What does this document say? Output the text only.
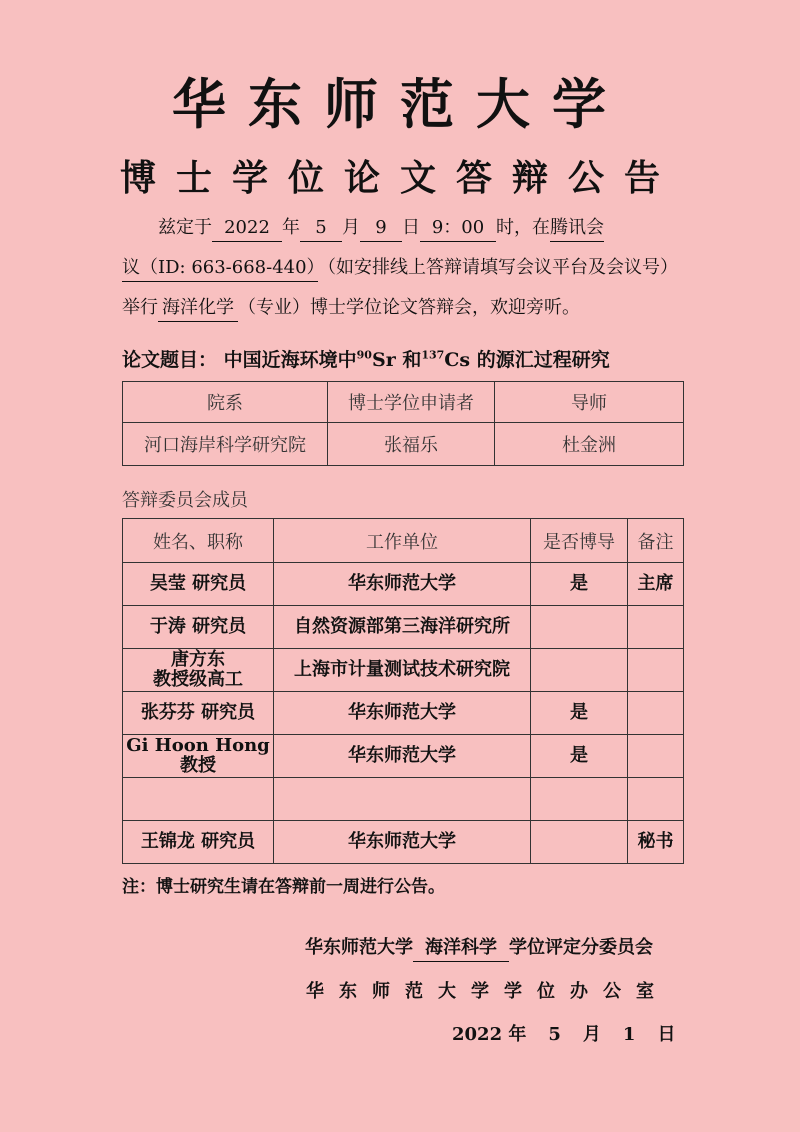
华东师范大学
博士学位论文答辩公告
兹定于 2022 年 5 月 9 日 9：00 时，在腾讯会
议（ID: 663-668-440）（如安排线上答辩请填写会议平台及会议号）举行 海洋化学 （专业）博士学位论文答辩会，欢迎旁听。
论文题目： 中国近海环境中$^{90}$Sr 和$^{137}$Cs 的源汇过程研究
院系	博士学位申请者	导师
河口海岸科学研究院	张福乐	杜金洲
答辩委员会成员
姓名、职称	工作单位	是否博导	备注
吴莹 研究员	华东师范大学	是	主席
于涛 研究员	自然资源部第三海洋研究所		
唐方东
教授级高工	上海市计量测试技术研究院		
张芬芬 研究员	华东师范大学	是	
Gi Hoon Hong
教授	华东师范大学	是	

王锦龙 研究员	华东师范大学		秘书
注：博士研究生请在答辩前一周进行公告。
华东师范大学 海洋科学 学位评定分委员会
华东师范大学学位办公室
2022 年 5 月 1 日
